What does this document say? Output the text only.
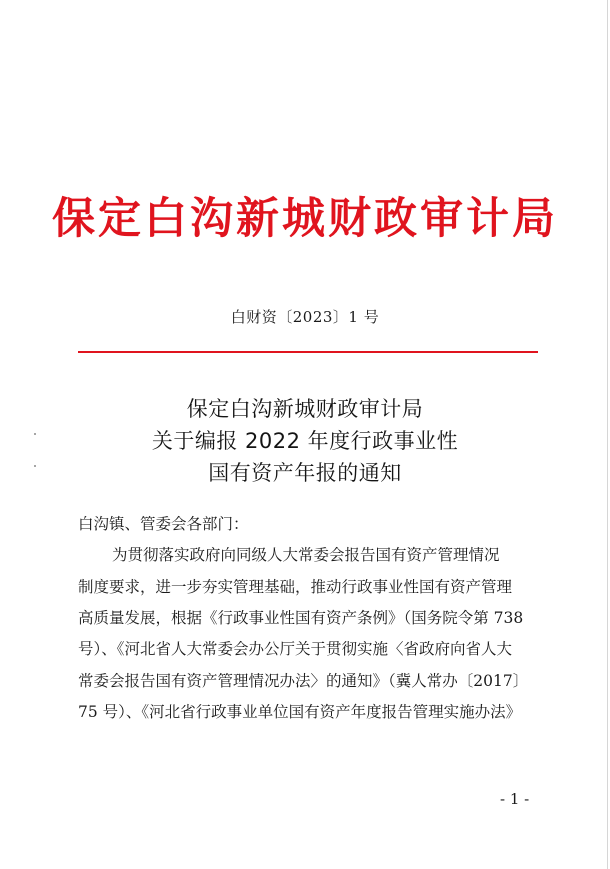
保定白沟新城财政审计局
白财资〔2023〕1 号
保定白沟新城财政审计局
关于编报 2022 年度行政事业性
国有资产年报的通知
白沟镇、管委会各部门：
为贯彻落实政府向同级人大常委会报告国有资产管理情况
制度要求，进一步夯实管理基础，推动行政事业性国有资产管理
高质量发展，根据《行政事业性国有资产条例》（国务院令第 738
号）、《河北省人大常委会办公厅关于贯彻实施〈省政府向省人大
常委会报告国有资产管理情况办法〉的通知》（冀人常办〔2017〕
75 号）、《河北省行政事业单位国有资产年度报告管理实施办法》
- 1 -
